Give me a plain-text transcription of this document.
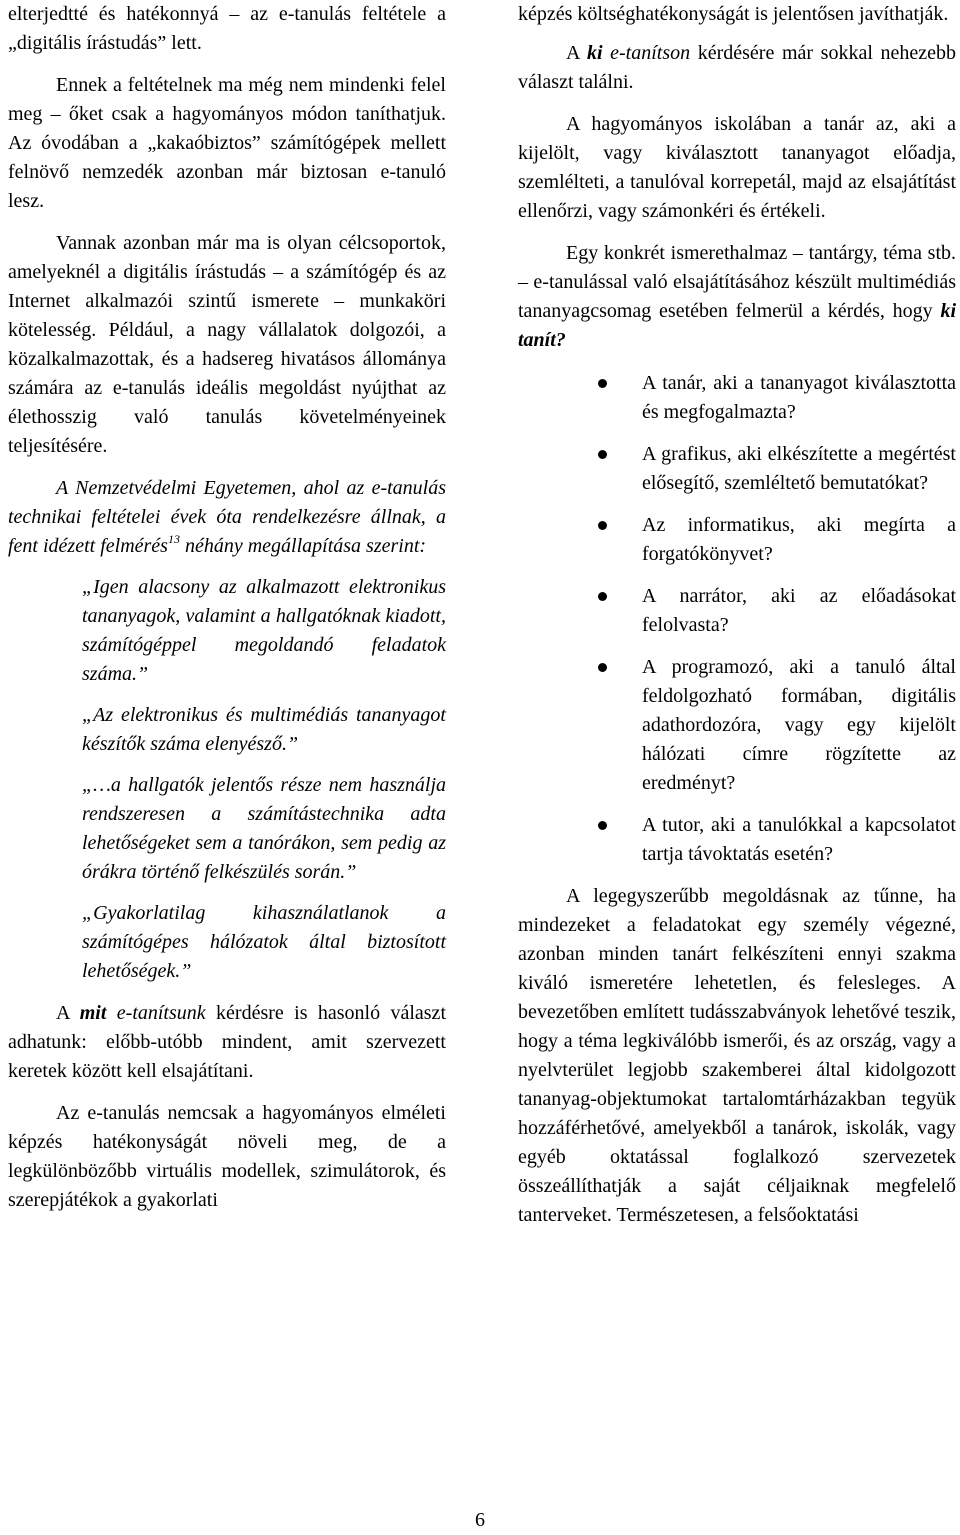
elterjedtté és hatékonnyá – az e-tanulás feltétele a „digitális írástudás” lett.

Ennek a feltételnek ma még nem mindenki felel meg – őket csak a hagyományos módon taníthatjuk. Az óvodában a „kakaóbiztos” számítógépek mellett felnövő nemzedék azonban már biztosan e-tanuló lesz.

Vannak azonban már ma is olyan célcsoportok, amelyeknél a digitális írástudás – a számítógép és az Internet alkalmazói szintű ismerete – munkaköri kötelesség. Például, a nagy vállalatok dolgozói, a közalkalmazottak, és a hadsereg hivatásos állománya számára az e-tanulás ideális megoldást nyújthat az élethosszig való tanulás követelményeinek teljesítésére.

A Nemzetvédelmi Egyetemen, ahol az e-tanulás technikai feltételei évek óta rendelkezésre állnak, a fent idézett felmérés$^{13}$ néhány megállapítása szerint:

„Igen alacsony az alkalmazott elektronikus tananyagok, valamint a hallgatóknak kiadott, számítógéppel megoldandó feladatok száma.”

„Az elektronikus és multimédiás tananyagot készítők száma elenyésző.”

„…a hallgatók jelentős része nem használja rendszeresen a számítástechnika adta lehetőségeket sem a tanórákon, sem pedig az órákra történő felkészülés során.”

„Gyakorlatilag kihasználatlanok a számítógépes hálózatok által biztosított lehetőségek.”

A mit e-tanítsunk kérdésre is hasonló választ adhatunk: előbb-utóbb mindent, amit szervezett keretek között kell elsajátítani.

Az e-tanulás nemcsak a hagyományos elméleti képzés hatékonyságát növeli meg, de a legkülönbözőbb virtuális modellek, szimulátorok, és szerepjátékok a gyakorlati

képzés költséghatékonyságát is jelentősen javíthatják.

A ki e-tanítson kérdésére már sokkal nehezebb választ találni.

A hagyományos iskolában a tanár az, aki a kijelölt, vagy kiválasztott tananyagot előadja, szemlélteti, a tanulóval korrepetál, majd az elsajátítást ellenőrzi, vagy számonkéri és értékeli.

Egy konkrét ismerethalmaz – tantárgy, téma stb. – e-tanulással való elsajátításához készült multimédiás tananyagcsomag esetében felmerül a kérdés, hogy ki tanít?

A tanár, aki a tananyagot kiválasztotta és megfogalmazta?
A grafikus, aki elkészítette a megértést elősegítő, szemléltető bemutatókat?
Az informatikus, aki megírta a forgatókönyvet?
A narrátor, aki az előadásokat felolvasta?
A programozó, aki a tanuló által feldolgozható formában, digitális adathordozóra, vagy egy kijelölt hálózati címre rögzítette az eredményt?
A tutor, aki a tanulókkal a kapcsolatot tartja távoktatás esetén?

A legegyszerűbb megoldásnak az tűnne, ha mindezeket a feladatokat egy személy végezné, azonban minden tanárt felkészíteni ennyi szakma kiváló ismeretére lehetetlen, és felesleges. A bevezetőben említett tudásszabványok lehetővé teszik, hogy a téma legkiválóbb ismerői, és az ország, vagy a nyelvterület legjobb szakemberei által kidolgozott tananyag-objektumokat tartalomtárházakban tegyük hozzáférhetővé, amelyekből a tanárok, iskolák, vagy egyéb oktatással foglalkozó szervezetek összeállíthatják a saját céljaiknak megfelelő tanterveket. Természetesen, a felsőoktatási

6
